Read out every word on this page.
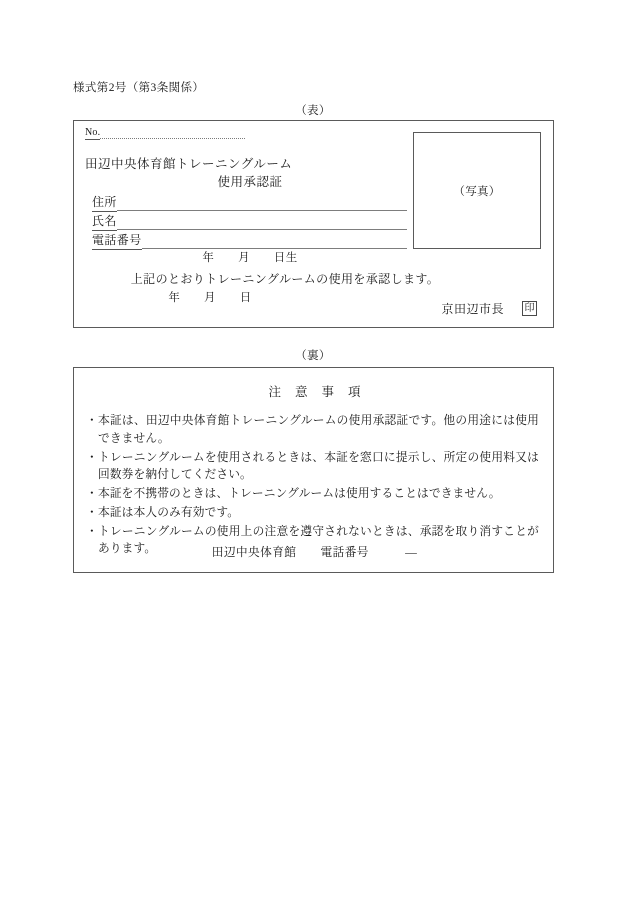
様式第2号（第3条関係）
（表）
No.
田辺中央体育館トレーニングルーム
使用承認証
住所
氏名
電話番号
年　　月　　日生
上記のとおりトレーニングルームの使用を承認します。
年　　月　　日
京田辺市長 印
（写真）
（裏）
注意事項
・ 本証は、田辺中央体育館トレーニングルームの使用承認証です。他の用途には使用できません。
・ トレーニングルームを使用されるときは、本証を窓口に提示し、所定の使用料又は回数券を納付してください。
・ 本証を不携帯のときは、トレーニングルームは使用することはできません。
・ 本証は本人のみ有効です。
・ トレーニングルームの使用上の注意を遵守されないときは、承認を取り消すことがあります。	田辺中央体育館　　電話番号　　　―
